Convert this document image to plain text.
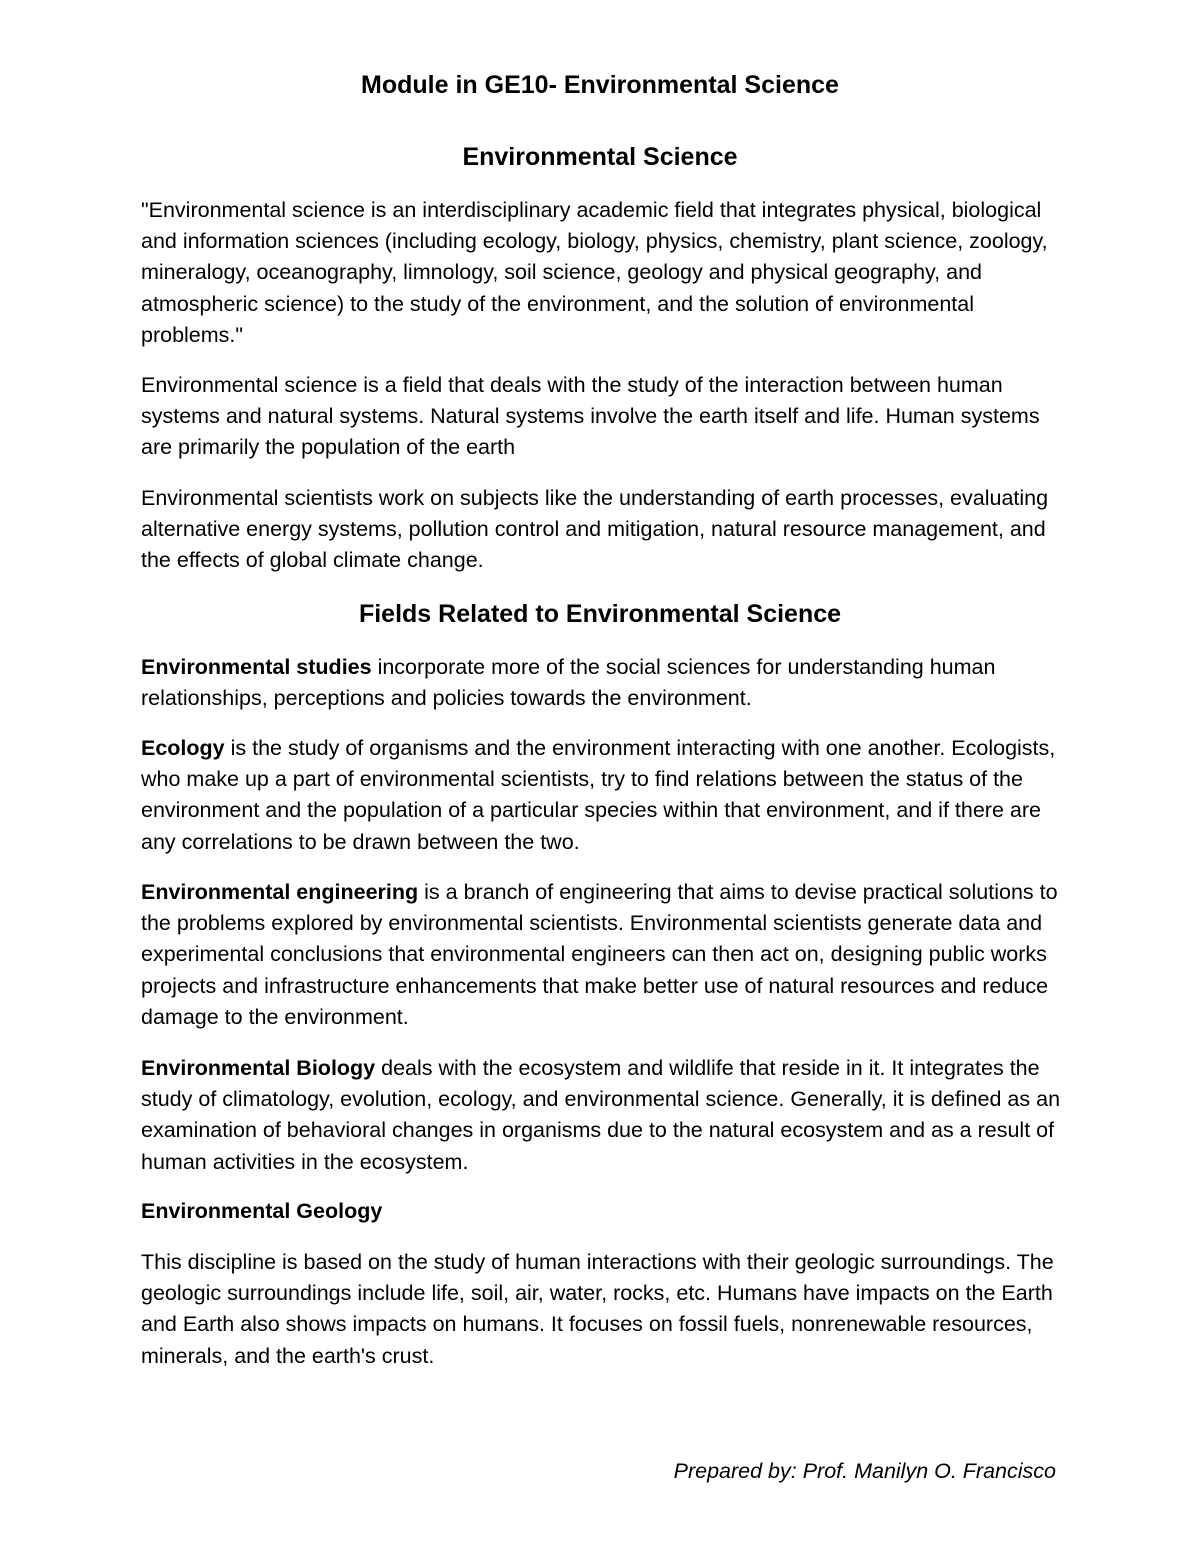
Module in GE10- Environmental Science
Environmental Science

"Environmental science is an interdisciplinary academic field that integrates physical, biological and information sciences (including ecology, biology, physics, chemistry, plant science, zoology, mineralogy, oceanography, limnology, soil science, geology and physical geography, and atmospheric science) to the study of the environment, and the solution of environmental problems."

Environmental science is a field that deals with the study of the interaction between human systems and natural systems. Natural systems involve the earth itself and life. Human systems are primarily the population of the earth

Environmental scientists work on subjects like the understanding of earth processes, evaluating alternative energy systems, pollution control and mitigation, natural resource management, and the effects of global climate change.

Fields Related to Environmental Science

Environmental studies incorporate more of the social sciences for understanding human relationships, perceptions and policies towards the environment.

Ecology is the study of organisms and the environment interacting with one another. Ecologists, who make up a part of environmental scientists, try to find relations between the status of the environment and the population of a particular species within that environment, and if there are any correlations to be drawn between the two.

Environmental engineering is a branch of engineering that aims to devise practical solutions to the problems explored by environmental scientists. Environmental scientists generate data and experimental conclusions that environmental engineers can then act on, designing public works projects and infrastructure enhancements that make better use of natural resources and reduce damage to the environment.

Environmental Biology deals with the ecosystem and wildlife that reside in it. It integrates the study of climatology, evolution, ecology, and environmental science. Generally, it is defined as an examination of behavioral changes in organisms due to the natural ecosystem and as a result of human activities in the ecosystem.

Environmental Geology

This discipline is based on the study of human interactions with their geologic surroundings. The geologic surroundings include life, soil, air, water, rocks, etc. Humans have impacts on the Earth and Earth also shows impacts on humans. It focuses on fossil fuels, nonrenewable resources, minerals, and the earth's crust.

Prepared by: Prof. Manilyn O. Francisco
